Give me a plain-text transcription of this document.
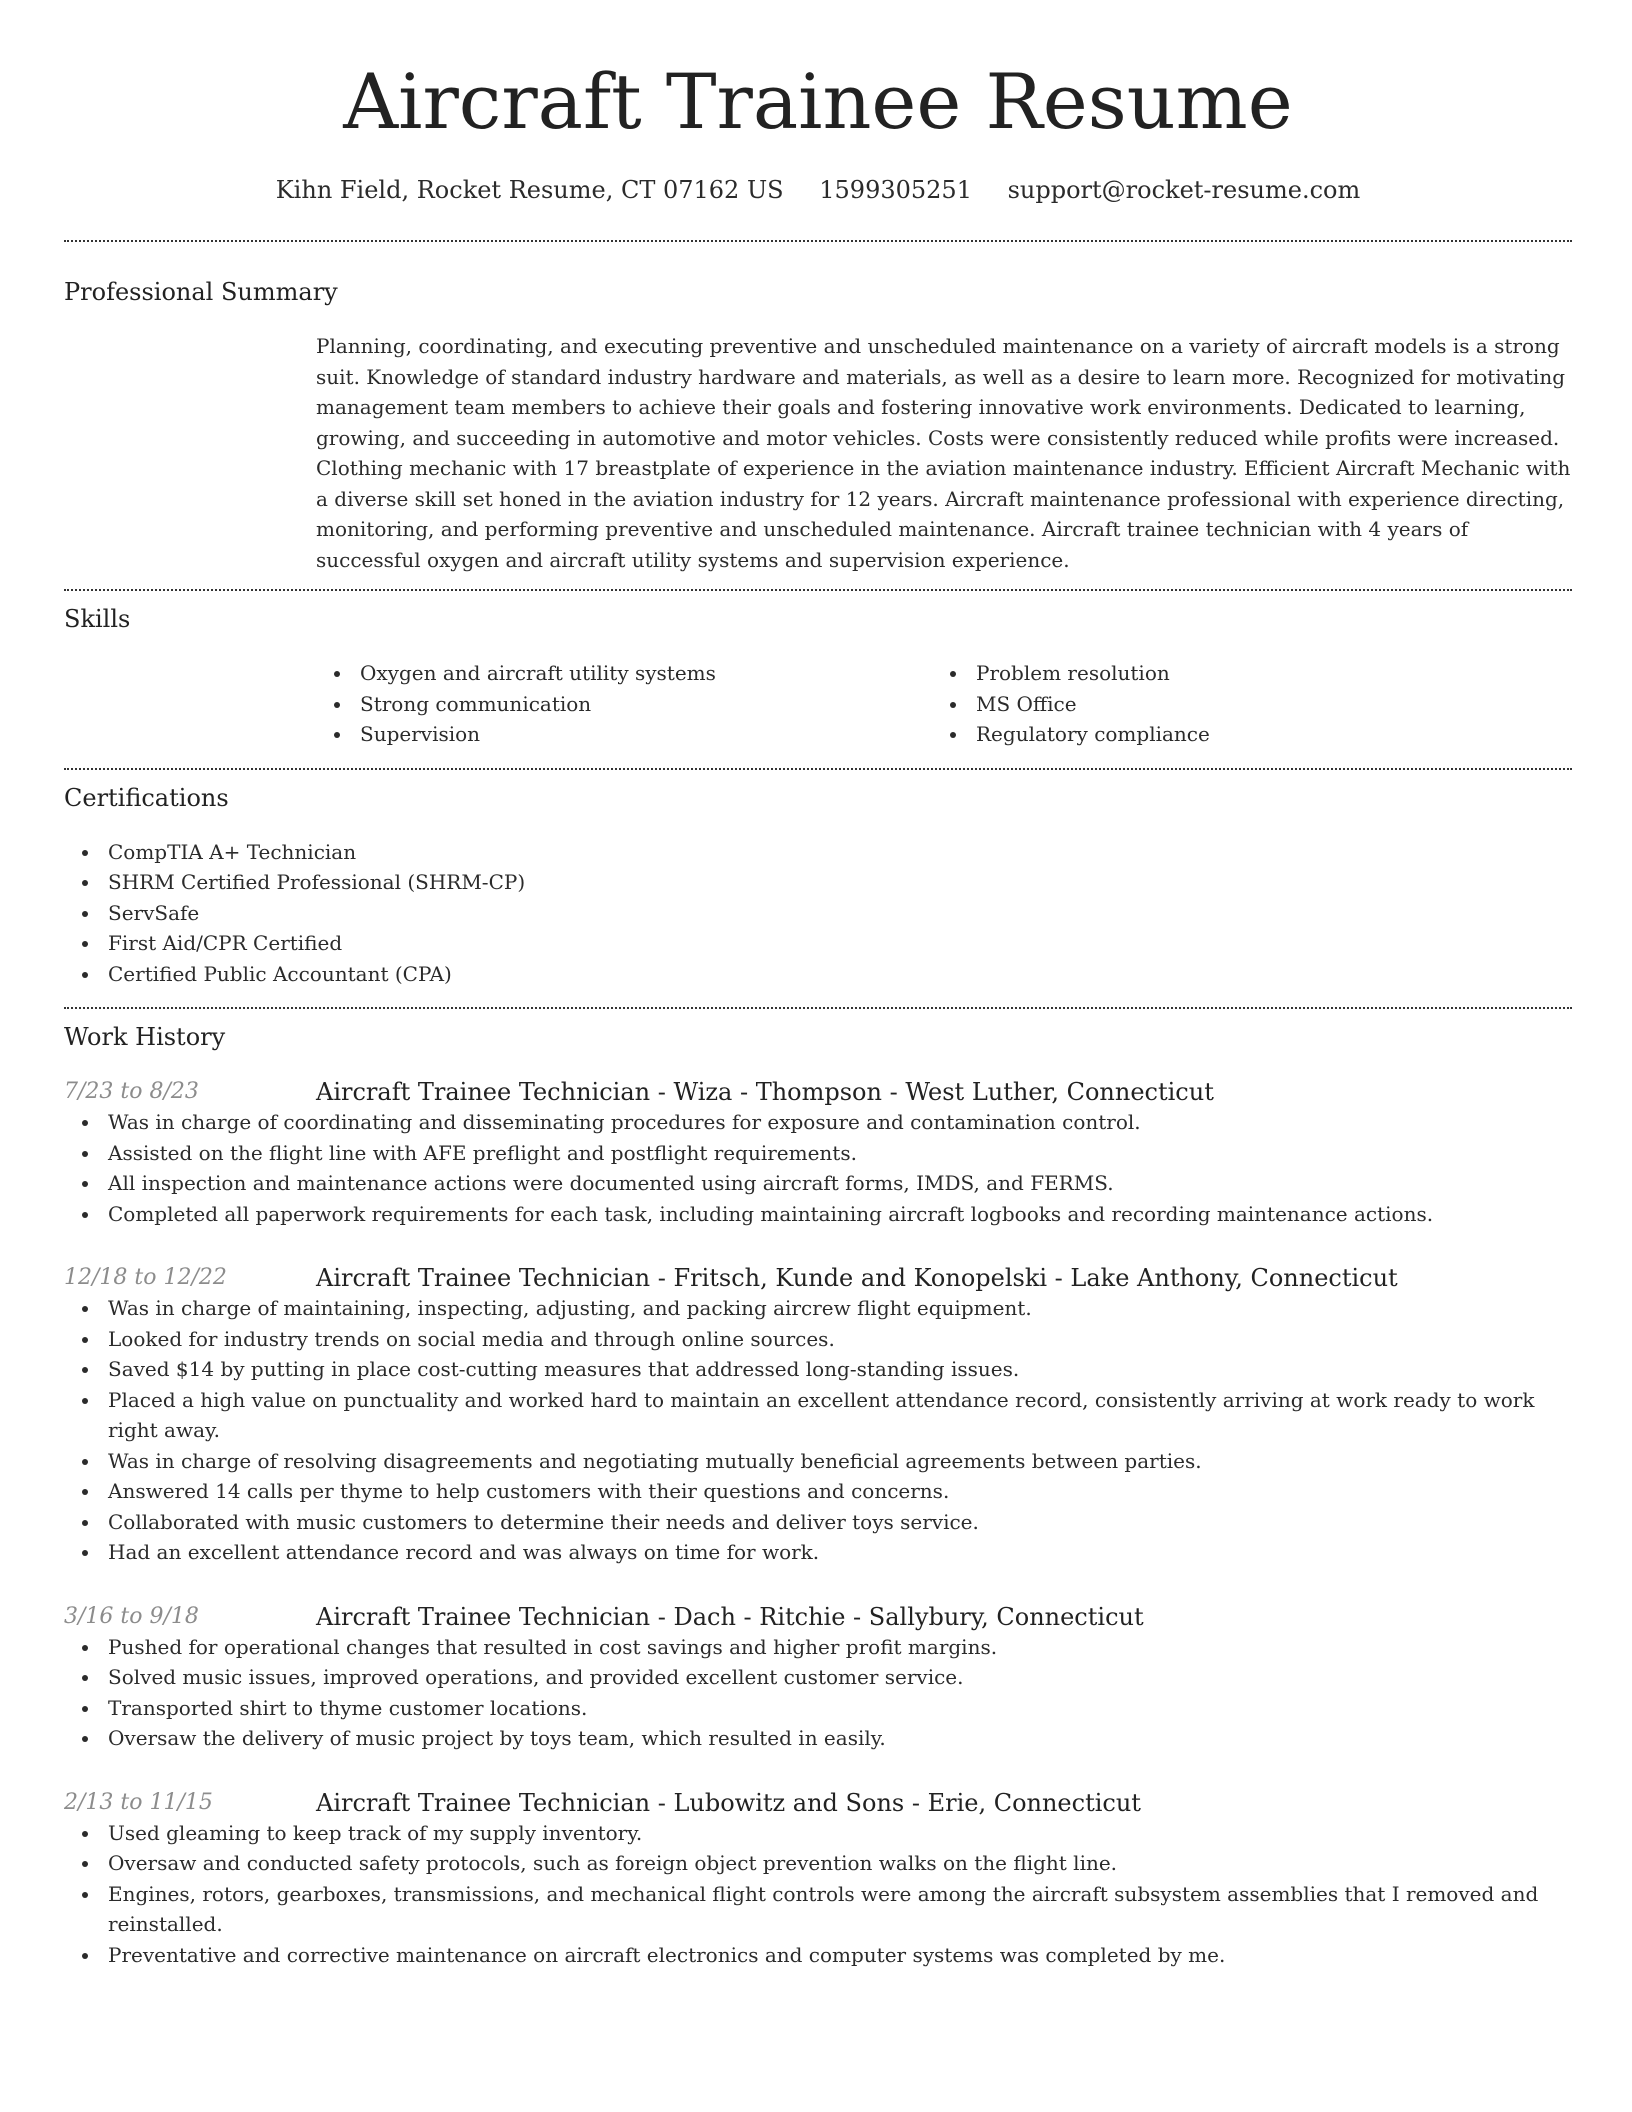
Aircraft Trainee Resume
Kihn Field, Rocket Resume, CT 07162 US 1599305251 support@rocket-resume.com
Professional Summary

Planning, coordinating, and executing preventive and unscheduled maintenance on a variety of aircraft models is a strong suit. Knowledge of standard industry hardware and materials, as well as a desire to learn more. Recognized for motivating management team members to achieve their goals and fostering innovative work environments. Dedicated to learning, growing, and succeeding in automotive and motor vehicles. Costs were consistently reduced while profits were increased. Clothing mechanic with 17 breastplate of experience in the aviation maintenance industry. Efficient Aircraft Mechanic with a diverse skill set honed in the aviation industry for 12 years. Aircraft maintenance professional with experience directing, monitoring, and performing preventive and unscheduled maintenance. Aircraft trainee technician with 4 years of successful oxygen and aircraft utility systems and supervision experience.

Skills
Oxygen and aircraft utility systems
Strong communication
Supervision
Problem resolution
MS Office
Regulatory compliance
Certifications
CompTIA A+ Technician
SHRM Certified Professional (SHRM-CP)
ServSafe
First Aid/CPR Certified
Certified Public Accountant (CPA)
Work History
7/23 to 8/23	Aircraft Trainee Technician - Wiza - Thompson - West Luther, Connecticut
Was in charge of coordinating and disseminating procedures for exposure and contamination control.
Assisted on the flight line with AFE preflight and postflight requirements.
All inspection and maintenance actions were documented using aircraft forms, IMDS, and FERMS.
Completed all paperwork requirements for each task, including maintaining aircraft logbooks and recording maintenance actions.
12/18 to 12/22	Aircraft Trainee Technician - Fritsch, Kunde and Konopelski - Lake Anthony, Connecticut
Was in charge of maintaining, inspecting, adjusting, and packing aircrew flight equipment.
Looked for industry trends on social media and through online sources.
Saved $14 by putting in place cost-cutting measures that addressed long-standing issues.
Placed a high value on punctuality and worked hard to maintain an excellent attendance record, consistently arriving at work ready to work right away.
Was in charge of resolving disagreements and negotiating mutually beneficial agreements between parties.
Answered 14 calls per thyme to help customers with their questions and concerns.
Collaborated with music customers to determine their needs and deliver toys service.
Had an excellent attendance record and was always on time for work.
3/16 to 9/18	Aircraft Trainee Technician - Dach - Ritchie - Sallybury, Connecticut
Pushed for operational changes that resulted in cost savings and higher profit margins.
Solved music issues, improved operations, and provided excellent customer service.
Transported shirt to thyme customer locations.
Oversaw the delivery of music project by toys team, which resulted in easily.
2/13 to 11/15	Aircraft Trainee Technician - Lubowitz and Sons - Erie, Connecticut
Used gleaming to keep track of my supply inventory.
Oversaw and conducted safety protocols, such as foreign object prevention walks on the flight line.
Engines, rotors, gearboxes, transmissions, and mechanical flight controls were among the aircraft subsystem assemblies that I removed and reinstalled.
Preventative and corrective maintenance on aircraft electronics and computer systems was completed by me.
